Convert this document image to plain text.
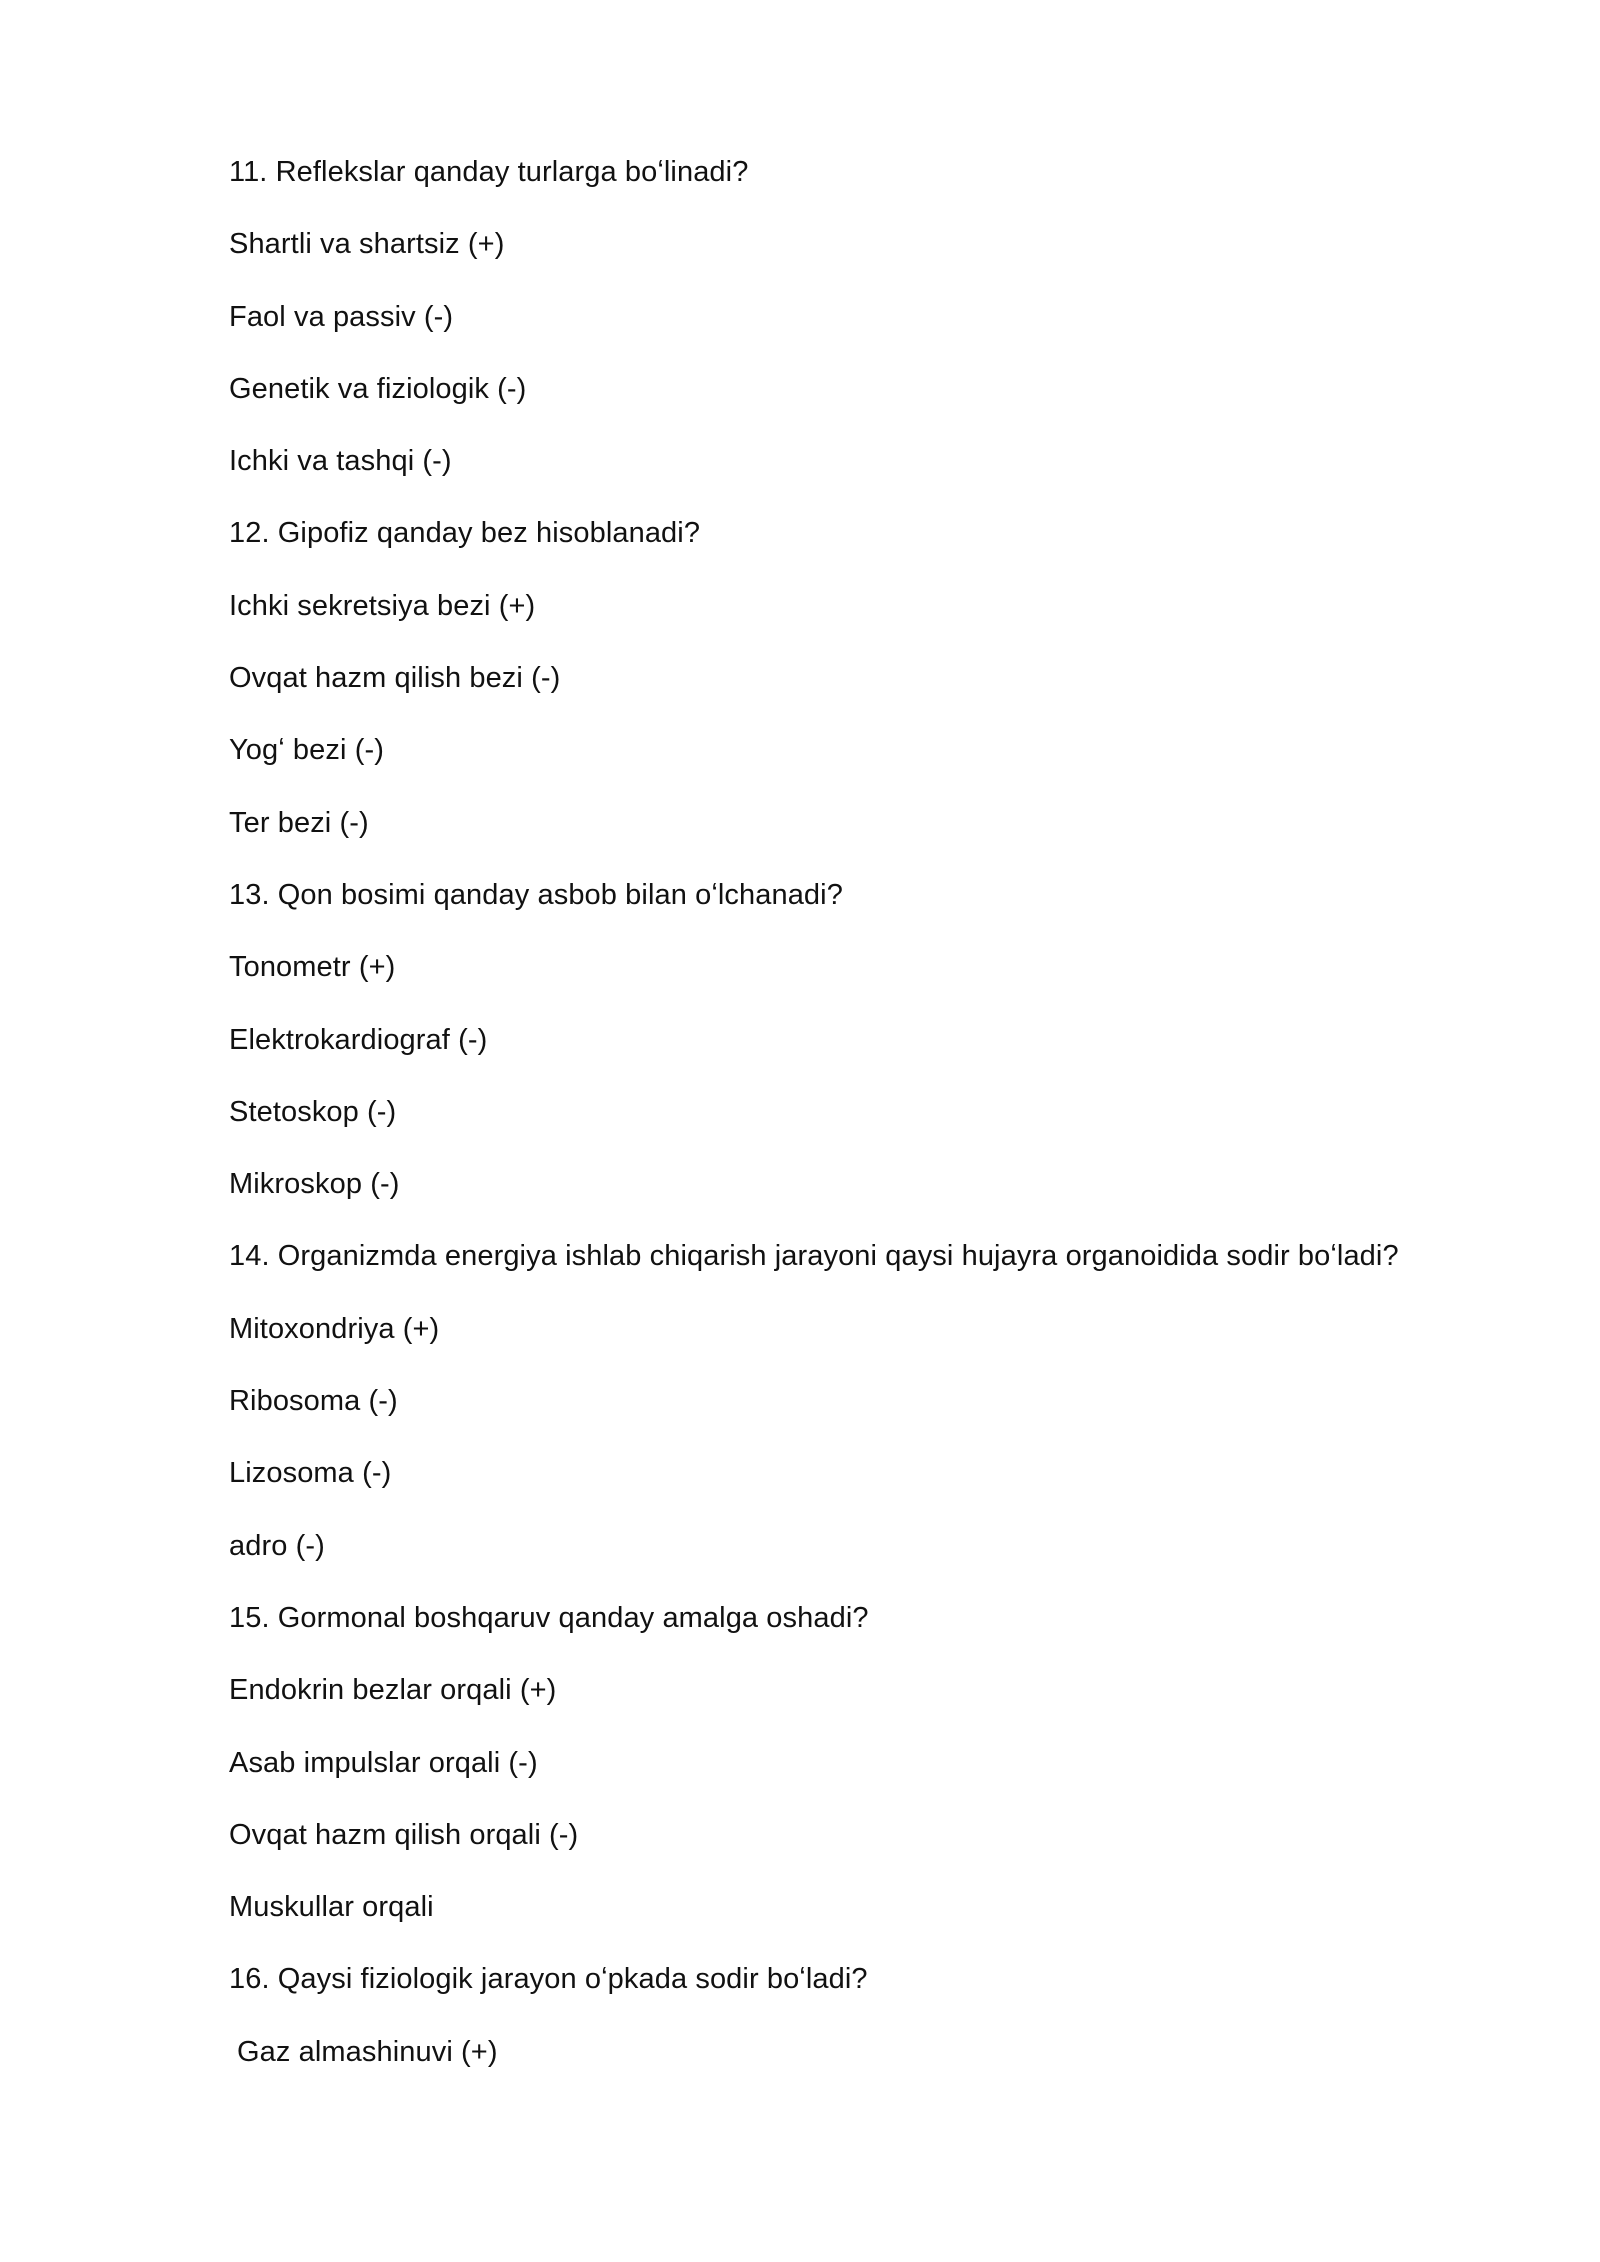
11. Reflekslar qanday turlarga boʻlinadi?
Shartli va shartsiz (+)
Faol va passiv (-)
Genetik va fiziologik (-)
Ichki va tashqi (-)
12. Gipofiz qanday bez hisoblanadi?
Ichki sekretsiya bezi (+)
Ovqat hazm qilish bezi (-)
Yogʻ bezi (-)
Ter bezi (-)
13. Qon bosimi qanday asbob bilan oʻlchanadi?
Tonometr (+)
Elektrokardiograf (-)
Stetoskop (-)
Mikroskop (-)
14. Organizmda energiya ishlab chiqarish jarayoni qaysi hujayra organoidida sodir boʻladi?
Mitoxondriya (+)
Ribosoma (-)
Lizosoma (-)
adro (-)
15. Gormonal boshqaruv qanday amalga oshadi?
Endokrin bezlar orqali (+)
Asab impulslar orqali (-)
Ovqat hazm qilish orqali (-)
Muskullar orqali
16. Qaysi fiziologik jarayon oʻpkada sodir boʻladi?
Gaz almashinuvi (+)
